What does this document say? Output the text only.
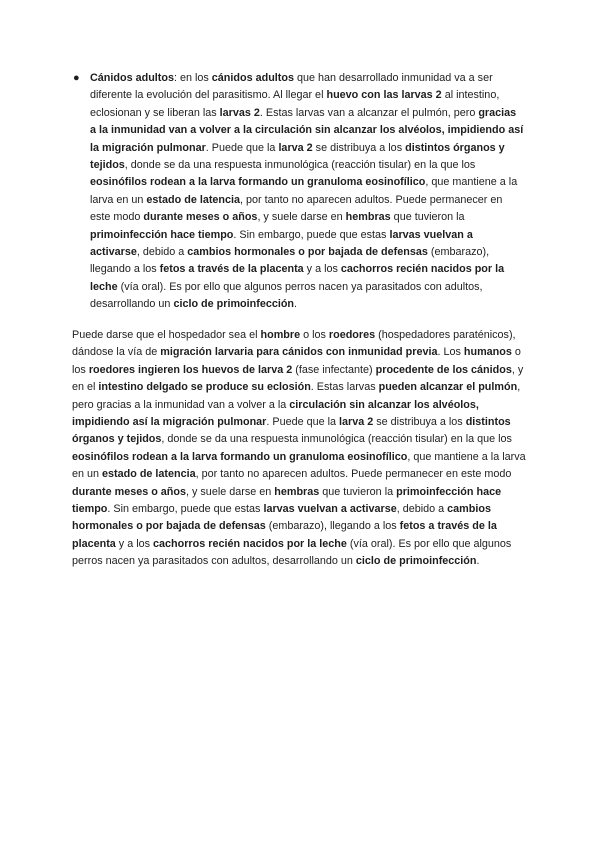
● Cánidos adultos: en los cánidos adultos que han desarrollado inmunidad va a ser diferente la evolución del parasitismo. Al llegar el huevo con las larvas 2 al intestino, eclosionan y se liberan las larvas 2. Estas larvas van a alcanzar el pulmón, pero gracias a la inmunidad van a volver a la circulación sin alcanzar los alvéolos, impidiendo así la migración pulmonar. Puede que la larva 2 se distribuya a los distintos órganos y tejidos, donde se da una respuesta inmunológica (reacción tisular) en la que los eosinófilos rodean a la larva formando un granuloma eosinofílico, que mantiene a la larva en un estado de latencia, por tanto no aparecen adultos. Puede permanecer en este modo durante meses o años, y suele darse en hembras que tuvieron la primoinfección hace tiempo. Sin embargo, puede que estas larvas vuelvan a activarse, debido a cambios hormonales o por bajada de defensas (embarazo), llegando a los fetos a través de la placenta y a los cachorros recién nacidos por la leche (vía oral). Es por ello que algunos perros nacen ya parasitados con adultos, desarrollando un ciclo de primoinfección.

Puede darse que el hospedador sea el hombre o los roedores (hospedadores paraténicos), dándose la vía de migración larvaria para cánidos con inmunidad previa. Los humanos o los roedores ingieren los huevos de larva 2 (fase infectante) procedente de los cánidos, y en el intestino delgado se produce su eclosión. Estas larvas pueden alcanzar el pulmón, pero gracias a la inmunidad van a volver a la circulación sin alcanzar los alvéolos, impidiendo así la migración pulmonar. Puede que la larva 2 se distribuya a los distintos órganos y tejidos, donde se da una respuesta inmunológica (reacción tisular) en la que los eosinófilos rodean a la larva formando un granuloma eosinofílico, que mantiene a la larva en un estado de latencia, por tanto no aparecen adultos. Puede permanecer en este modo durante meses o años, y suele darse en hembras que tuvieron la primoinfección hace tiempo. Sin embargo, puede que estas larvas vuelvan a activarse, debido a cambios hormonales o por bajada de defensas (embarazo), llegando a los fetos a través de la placenta y a los cachorros recién nacidos por la leche (vía oral). Es por ello que algunos perros nacen ya parasitados con adultos, desarrollando un ciclo de primoinfección.
